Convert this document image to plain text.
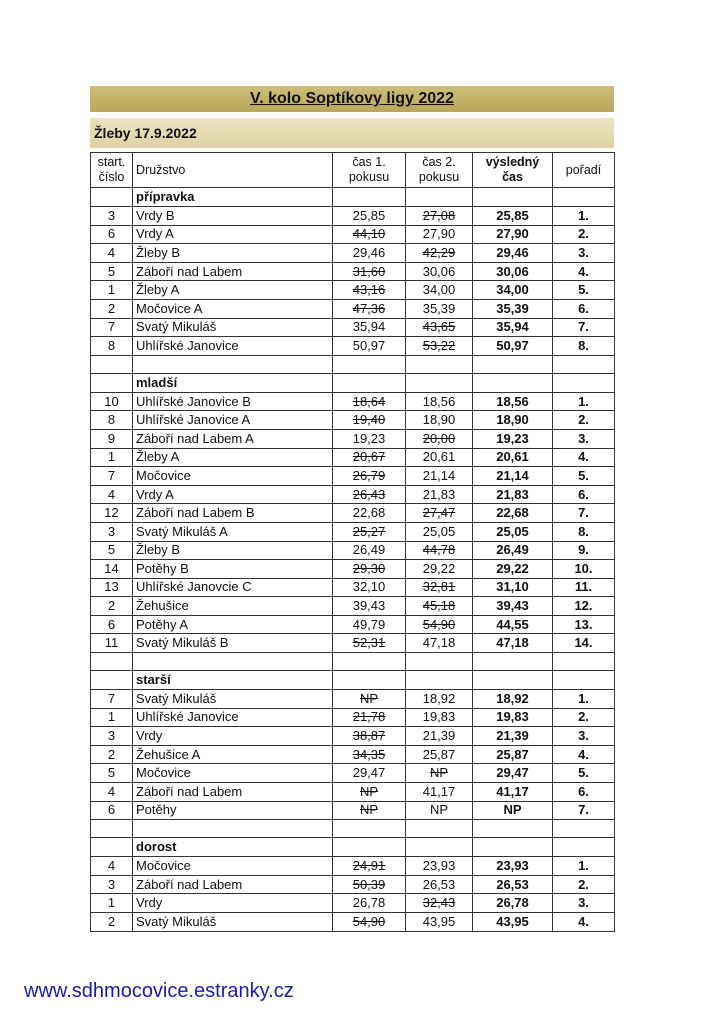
V. kolo Soptíkovy ligy 2022
Žleby 17.9.2022
start. číslo	Družstvo	čas 1. pokusu	čas 2. pokusu	výsledný čas	pořadí
	přípravka				
3	Vrdy B	25,85	27,08	25,85	1.
6	Vrdy A	44,10	27,90	27,90	2.
4	Žleby B	29,46	42,29	29,46	3.
5	Záboří nad Labem	31,60	30,06	30,06	4.
1	Žleby A	43,16	34,00	34,00	5.
2	Močovice A	47,36	35,39	35,39	6.
7	Svatý Mikuláš	35,94	43,65	35,94	7.
8	Uhlířské Janovice	50,97	53,22	50,97	8.

	mladší				
10	Uhlířské Janovice B	18,64	18,56	18,56	1.
8	Uhlířské Janovice A	19,40	18,90	18,90	2.
9	Záboří nad Labem A	19,23	20,00	19,23	3.
1	Žleby A	20,67	20,61	20,61	4.
7	Močovice	26,79	21,14	21,14	5.
4	Vrdy A	26,43	21,83	21,83	6.
12	Záboří nad Labem B	22,68	27,47	22,68	7.
3	Svatý Mikuláš A	25,27	25,05	25,05	8.
5	Žleby B	26,49	44,78	26,49	9.
14	Potěhy B	29,30	29,22	29,22	10.
13	Uhlířské Janovcie C	32,10	32,81	31,10	11.
2	Žehušice	39,43	45,18	39,43	12.
6	Potěhy A	49,79	54,90	44,55	13.
11	Svatý Mikuláš B	52,31	47,18	47,18	14.

	starší				
7	Svatý Mikuláš	NP	18,92	18,92	1.
1	Uhlířské Janovice	21,78	19,83	19,83	2.
3	Vrdy	38,87	21,39	21,39	3.
2	Žehušice A	34,35	25,87	25,87	4.
5	Močovice	29,47	NP	29,47	5.
4	Záboří nad Labem	NP	41,17	41,17	6.
6	Potěhy	NP	NP	NP	7.

	dorost				
4	Močovice	24,91	23,93	23,93	1.
3	Záboří nad Labem	50,39	26,53	26,53	2.
1	Vrdy	26,78	32,43	26,78	3.
2	Svatý Mikuláš	54,90	43,95	43,95	4.
www.sdhmocovice.estranky.cz
